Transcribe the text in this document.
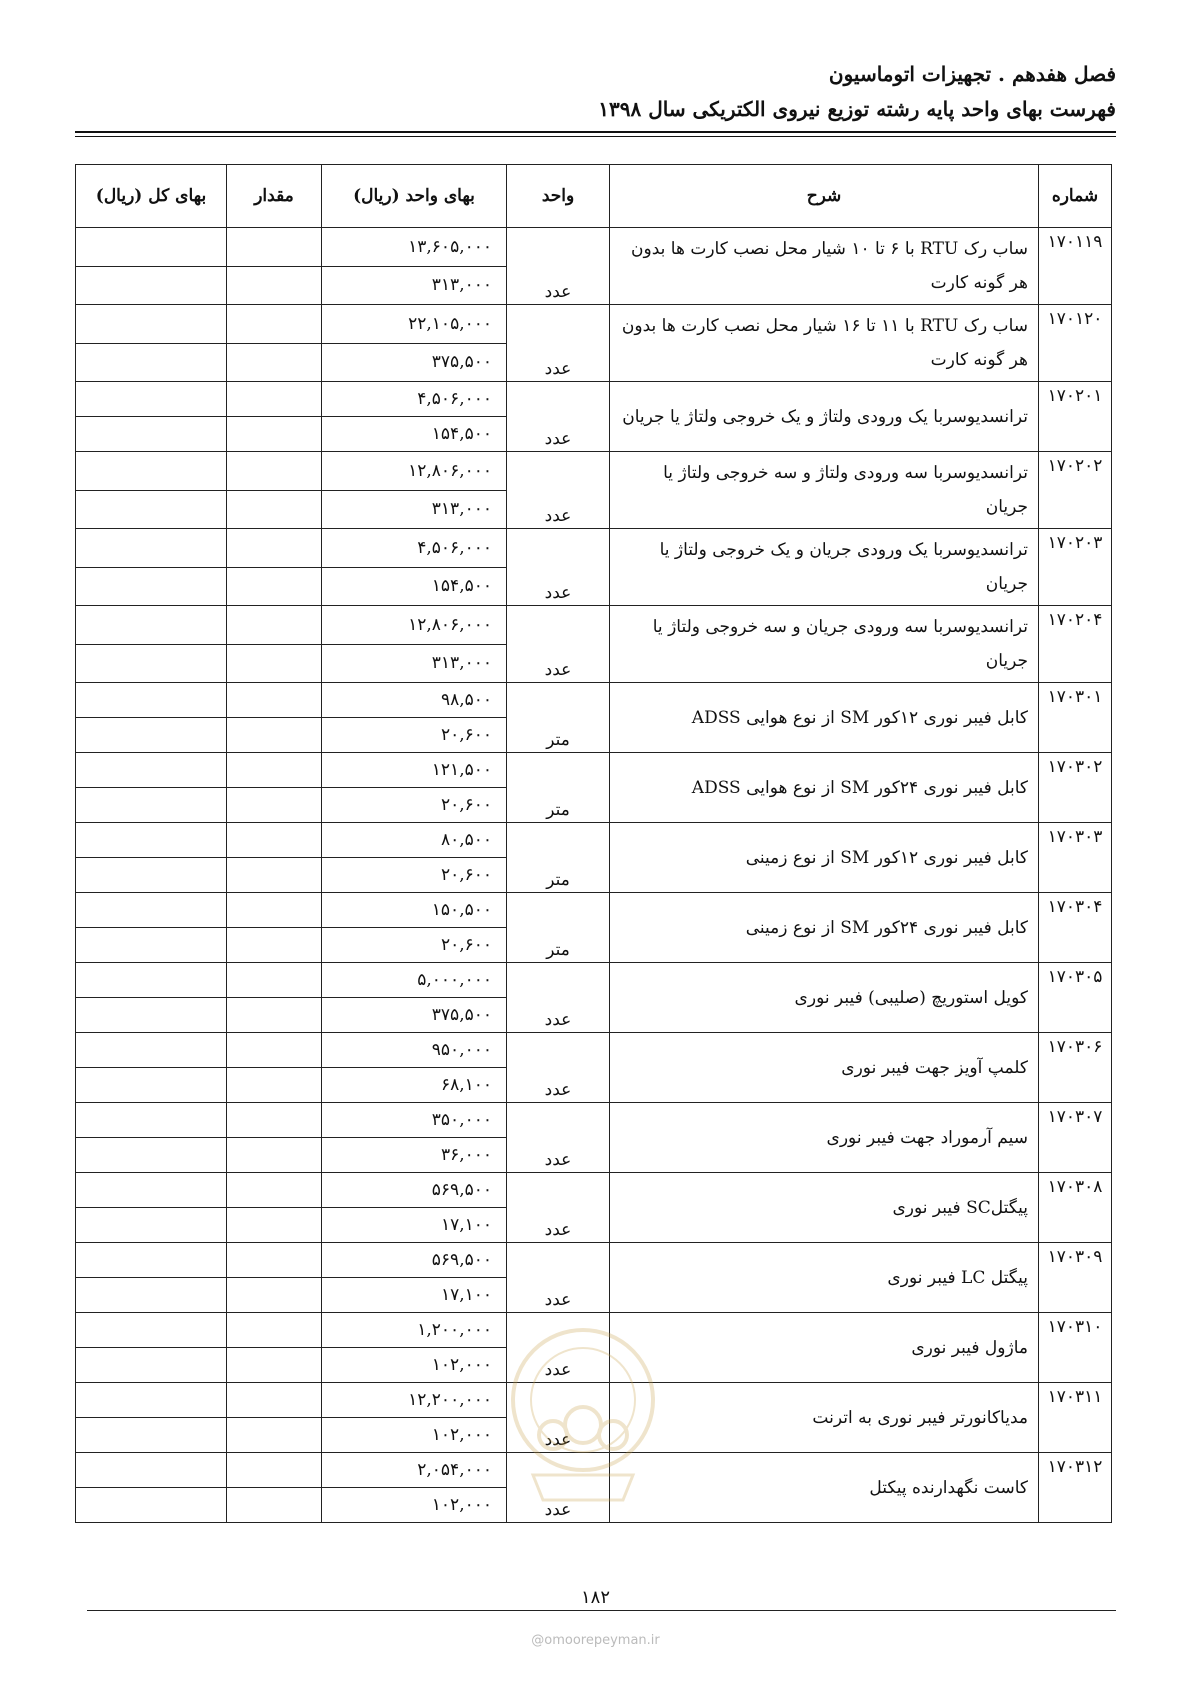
فصل هفدهم . تجهیزات اتوماسیون
فهرست بهای واحد پایه رشته توزیع نیروی الکتریکی سال ۱۳۹۸
بهای کل (ریال)	مقدار	بهای واحد (ریال)	واحد	شرح	شماره
		۱۳,۶۰۵,۰۰۰	عدد	ساب رک RTU با ۶ تا ۱۰ شیار محل نصب کارت ها بدون هر گونه کارت	۱۷۰۱۱۹
		۳۱۳,۰۰۰			
		۲۲,۱۰۵,۰۰۰	عدد	ساب رک RTU با ۱۱ تا ۱۶ شیار محل نصب کارت ها بدون هر گونه کارت	۱۷۰۱۲۰
		۳۷۵,۵۰۰			
		۴,۵۰۶,۰۰۰	عدد	ترانسدیوسربا یک ورودی ولتاژ و یک خروجی ولتاژ یا جریان	۱۷۰۲۰۱
		۱۵۴,۵۰۰			
		۱۲,۸۰۶,۰۰۰	عدد	ترانسدیوسربا سه ورودی ولتاژ و سه خروجی ولتاژ یا جریان	۱۷۰۲۰۲
		۳۱۳,۰۰۰			
		۴,۵۰۶,۰۰۰	عدد	ترانسدیوسربا یک ورودی جریان و یک خروجی ولتاژ یا جریان	۱۷۰۲۰۳
		۱۵۴,۵۰۰			
		۱۲,۸۰۶,۰۰۰	عدد	ترانسدیوسربا سه ورودی جریان و سه خروجی ولتاژ یا جریان	۱۷۰۲۰۴
		۳۱۳,۰۰۰			
		۹۸,۵۰۰	متر	کابل فیبر نوری ۱۲کور SM از نوع هوایی ADSS	۱۷۰۳۰۱
		۲۰,۶۰۰			
		۱۲۱,۵۰۰	متر	کابل فیبر نوری ۲۴کور SM از نوع هوایی ADSS	۱۷۰۳۰۲
		۲۰,۶۰۰			
		۸۰,۵۰۰	متر	کابل فیبر نوری ۱۲کور SM از نوع زمینی	۱۷۰۳۰۳
		۲۰,۶۰۰			
		۱۵۰,۵۰۰	متر	کابل فیبر نوری ۲۴کور SM از نوع زمینی	۱۷۰۳۰۴
		۲۰,۶۰۰			
		۵,۰۰۰,۰۰۰	عدد	کویل استوریچ (صلیبی) فیبر نوری	۱۷۰۳۰۵
		۳۷۵,۵۰۰			
		۹۵۰,۰۰۰	عدد	کلمپ آویز جهت فیبر نوری	۱۷۰۳۰۶
		۶۸,۱۰۰			
		۳۵۰,۰۰۰	عدد	سیم آرموراد جهت فیبر نوری	۱۷۰۳۰۷
		۳۶,۰۰۰			
		۵۶۹,۵۰۰	عدد	پیگتلSC فیبر نوری	۱۷۰۳۰۸
		۱۷,۱۰۰			
		۵۶۹,۵۰۰	عدد	پیگتل LC فیبر نوری	۱۷۰۳۰۹
		۱۷,۱۰۰			
		۱,۲۰۰,۰۰۰	عدد	ماژول فیبر نوری	۱۷۰۳۱۰
		۱۰۲,۰۰۰			
		۱۲,۲۰۰,۰۰۰	عدد	مدیاکانورتر فیبر نوری به اترنت	۱۷۰۳۱۱
		۱۰۲,۰۰۰			
		۲,۰۵۴,۰۰۰	عدد	کاست نگهدارنده پیکتل	۱۷۰۳۱۲
		۱۰۲,۰۰۰			
۱۸۲
@omoorepeyman.ir
